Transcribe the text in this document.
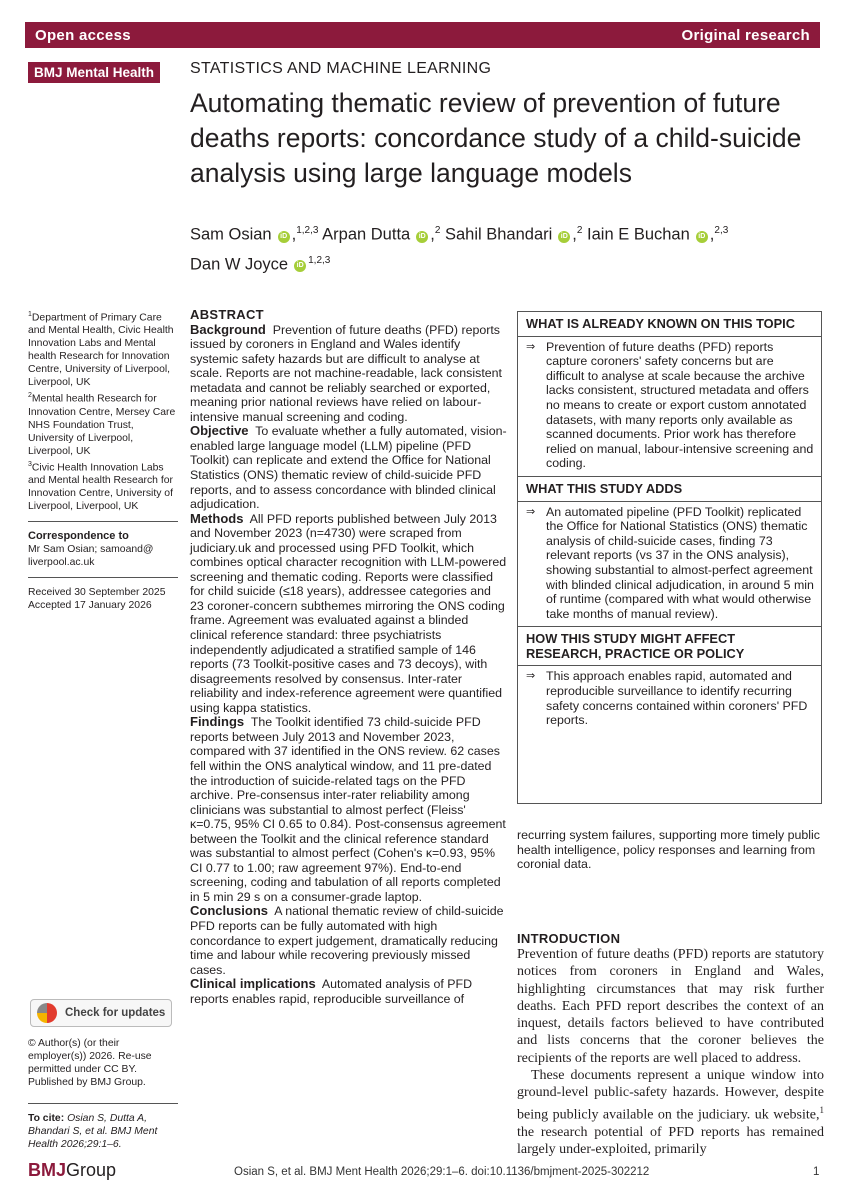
Open access	Original research
BMJ Mental Health	STATISTICS AND MACHINE LEARNING
Automating thematic review of prevention of future deaths reports: concordance study of a child-suicide analysis using large language models
Sam Osian iD ,$^{1,2,3}$ Arpan Dutta iD ,$^2$ Sahil Bhandari iD ,$^2$ Iain E Buchan iD ,$^{2,3}$
Dan W Joyce iD $^{1,2,3}$
$^1$Department of Primary Care and Mental Health, Civic Health Innovation Labs and Mental health Research for Innovation Centre, University of Liverpool, Liverpool, UK
$^2$Mental health Research for Innovation Centre, Mersey Care NHS Foundation Trust, University of Liverpool, Liverpool, UK
$^3$Civic Health Innovation Labs and Mental health Research for Innovation Centre, University of Liverpool, Liverpool, UK
Correspondence to
Mr Sam Osian; samoand@ liverpool.ac.uk
Received 30 September 2025
Accepted 17 January 2026
Check for updates
© Author(s) (or their employer(s)) 2026. Re-use permitted under CC BY. Published by BMJ Group.
To cite: Osian S, Dutta A, Bhandari S, et al. BMJ Ment Health 2026;29:1–6.
ABSTRACT
Background Prevention of future deaths (PFD) reports issued by coroners in England and Wales identify systemic safety hazards but are difficult to analyse at scale. Reports are not machine-readable, lack consistent metadata and cannot be reliably searched or exported, meaning prior national reviews have relied on labour-intensive manual screening and coding.
Objective To evaluate whether a fully automated, vision-enabled large language model (LLM) pipeline (PFD Toolkit) can replicate and extend the Office for National Statistics (ONS) thematic review of child-suicide PFD reports, and to assess concordance with blinded clinical adjudication.
Methods All PFD reports published between July 2013 and November 2023 (n=4730) were scraped from judiciary.uk and processed using PFD Toolkit, which combines optical character recognition with LLM-powered screening and thematic coding. Reports were classified for child suicide (≤18 years), addressee categories and 23 coroner-concern subthemes mirroring the ONS coding frame. Agreement was evaluated against a blinded clinical reference standard: three psychiatrists independently adjudicated a stratified sample of 146 reports (73 Toolkit-positive cases and 73 decoys), with disagreements resolved by consensus. Inter-rater reliability and index-reference agreement were quantified using kappa statistics.
Findings The Toolkit identified 73 child-suicide PFD reports between July 2013 and November 2023, compared with 37 identified in the ONS review. 62 cases fell within the ONS analytical window, and 11 pre-dated the introduction of suicide-related tags on the PFD archive. Pre-consensus inter-rater reliability among clinicians was substantial to almost perfect (Fleiss' κ=0.75, 95% CI 0.65 to 0.84). Post-consensus agreement between the Toolkit and the clinical reference standard was substantial to almost perfect (Cohen's κ=0.93, 95% CI 0.77 to 1.00; raw agreement 97%). End-to-end screening, coding and tabulation of all reports completed in 5 min 29 s on a consumer-grade laptop.
Conclusions A national thematic review of child-suicide PFD reports can be fully automated with high concordance to expert judgement, dramatically reducing time and labour while recovering previously missed cases.
Clinical implications Automated analysis of PFD reports enables rapid, reproducible surveillance of
WHAT IS ALREADY KNOWN ON THIS TOPIC
⇒ Prevention of future deaths (PFD) reports capture coroners' safety concerns but are difficult to analyse at scale because the archive lacks consistent, structured metadata and offers no means to create or export custom annotated datasets, with many reports only available as scanned documents. Prior work has therefore relied on manual, labour-intensive screening and coding.
WHAT THIS STUDY ADDS
⇒ An automated pipeline (PFD Toolkit) replicated the Office for National Statistics (ONS) thematic analysis of child-suicide cases, finding 73 relevant reports (vs 37 in the ONS analysis), showing substantial to almost-perfect agreement with blinded clinical adjudication, in around 5 min of runtime (compared with what would otherwise take months of manual review).
HOW THIS STUDY MIGHT AFFECT RESEARCH, PRACTICE OR POLICY
⇒ This approach enables rapid, automated and reproducible surveillance to identify recurring safety concerns contained within coroners' PFD reports.
recurring system failures, supporting more timely public health intelligence, policy responses and learning from coronial data.
INTRODUCTION

Prevention of future deaths (PFD) reports are statutory notices from coroners in England and Wales, highlighting circumstances that may risk further deaths. Each PFD report describes the context of an inquest, details factors believed to have contributed and lists concerns that the coroner believes the recipients of the reports are well placed to address.

These documents represent a unique window into ground-level public-safety hazards. However, despite being publicly available on the judiciary. uk website,$^1$ the research potential of PFD reports has remained largely under-exploited, primarily

BMJGroup	Osian S, et al. BMJ Ment Health 2026;29:1–6. doi:10.1136/bmjment-2025-302212	1
